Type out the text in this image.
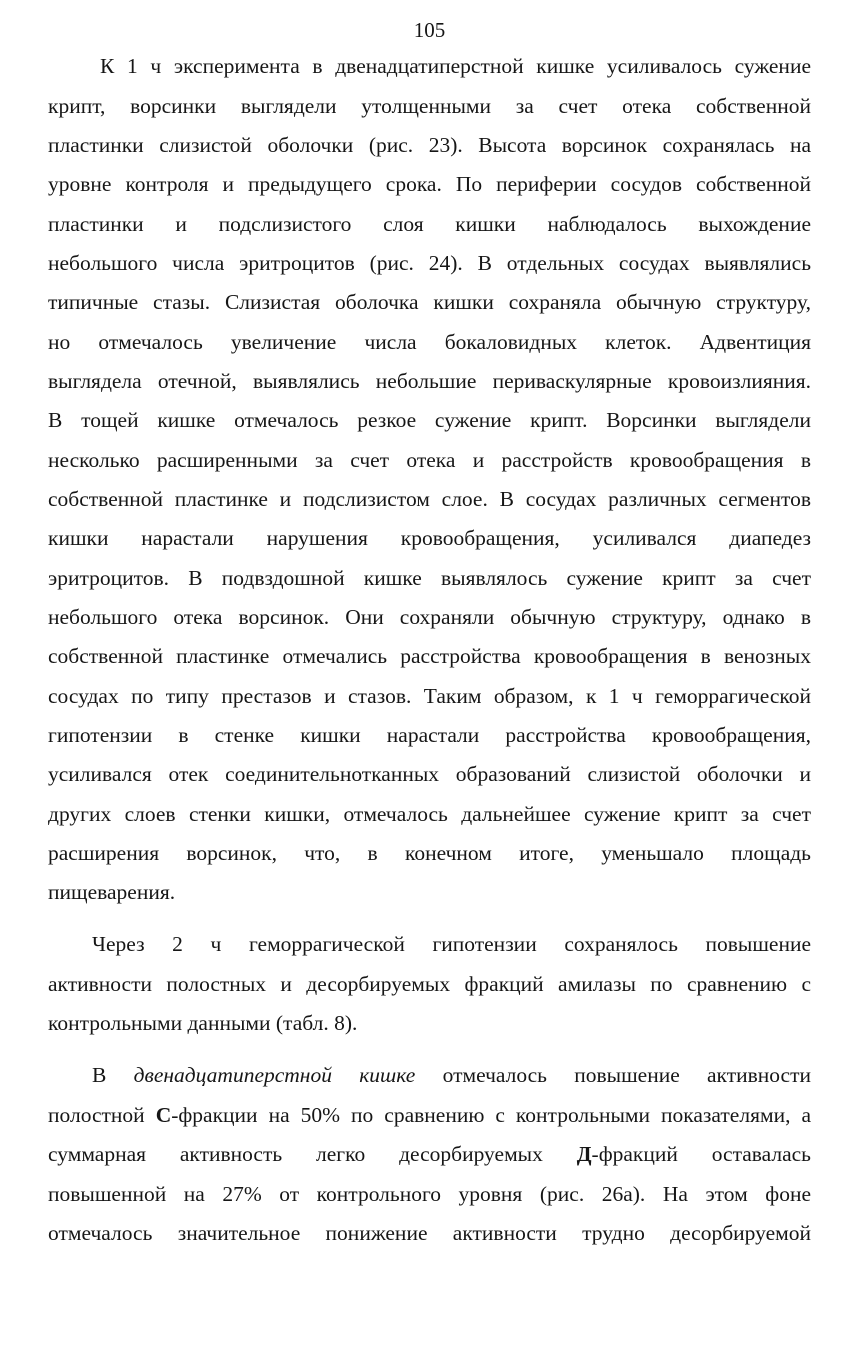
105
К 1 ч эксперимента в двенадцатиперстной кишке усиливалось сужение
крипт, ворсинки выглядели утолщенными за счет отека собственной
пластинки слизистой оболочки (рис. 23). Высота ворсинок сохранялась на
уровне контроля и предыдущего срока. По периферии сосудов собственной
пластинки и подслизистого слоя кишки наблюдалось выхождение
небольшого числа эритроцитов (рис. 24). В отдельных сосудах выявлялись
типичные стазы. Слизистая оболочка кишки сохраняла обычную структуру,
но отмечалось увеличение числа бокаловидных клеток. Адвентиция
выглядела отечной, выявлялись небольшие периваскулярные кровоизлияния.
В тощей кишке отмечалось резкое сужение крипт. Ворсинки выглядели
несколько расширенными за счет отека и расстройств кровообращения в
собственной пластинке и подслизистом слое. В сосудах различных сегментов
кишки нарастали нарушения кровообращения, усиливался диапедез
эритроцитов. В подвздошной кишке выявлялось сужение крипт за счет
небольшого отека ворсинок. Они сохраняли обычную структуру, однако в
собственной пластинке отмечались расстройства кровообращения в венозных
сосудах по типу престазов и стазов. Таким образом, к 1 ч геморрагической
гипотензии в стенке кишки нарастали расстройства кровообращения,
усиливался отек соединительнотканных образований слизистой оболочки и
других слоев стенки кишки, отмечалось дальнейшее сужение крипт за счет
расширения ворсинок, что, в конечном итоге, уменьшало площадь
пищеварения.
Через 2 ч геморрагической гипотензии сохранялось повышение
активности полостных и десорбируемых фракций амилазы по сравнению с
контрольными данными (табл. 8).
В двенадцатиперстной кишке отмечалось повышение активности
полостной С-фракции на 50% по сравнению с контрольными показателями, а
суммарная активность легко десорбируемых Д-фракций оставалась
повышенной на 27% от контрольного уровня (рис. 26а). На этом фоне
отмечалось значительное понижение активности трудно десорбируемой
